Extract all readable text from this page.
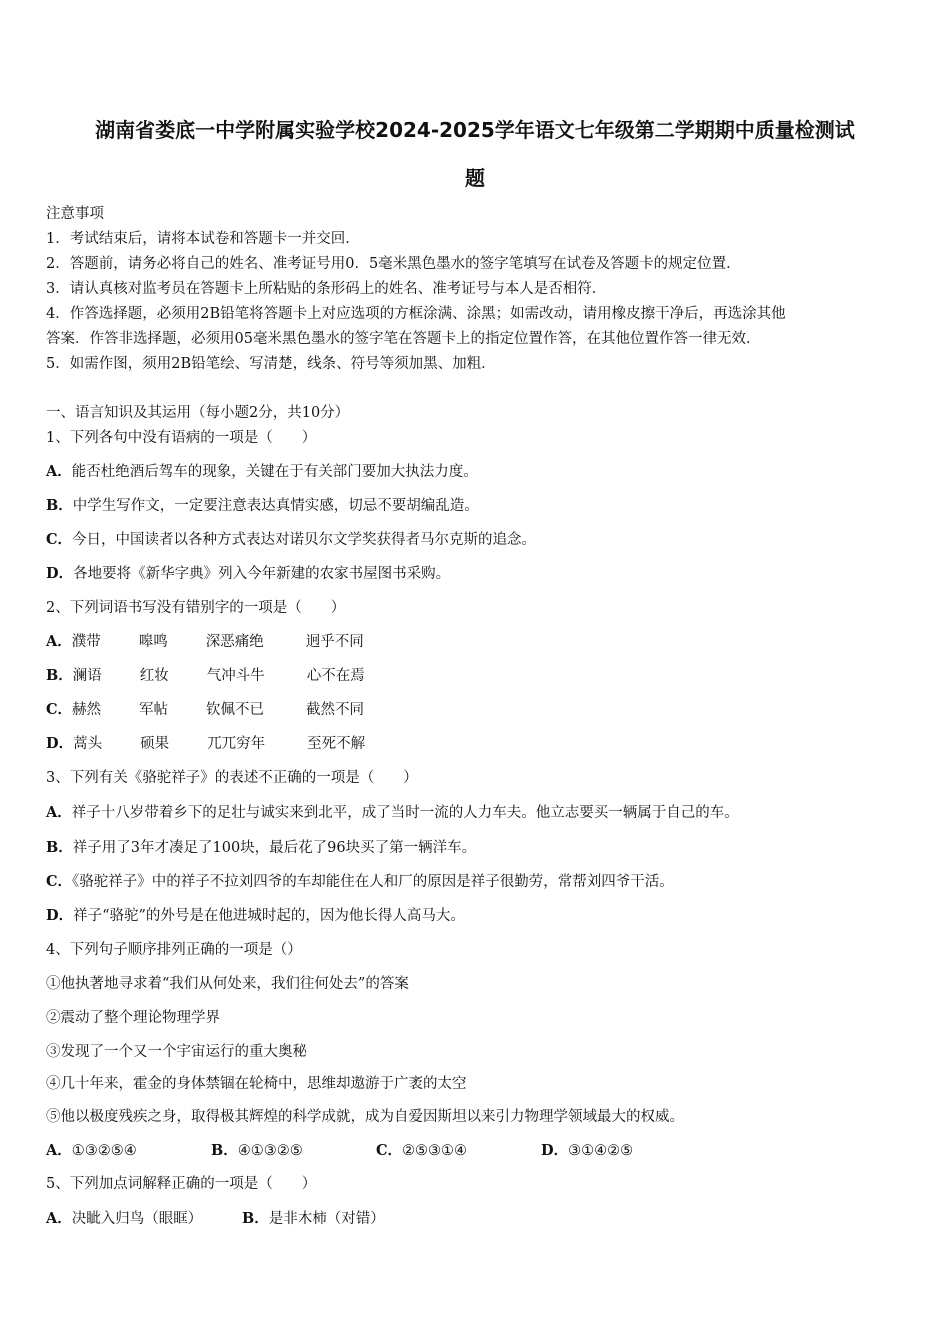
湖南省娄底一中学附属实验学校2024-2025学年语文七年级第二学期期中质量检测试
题
注意事项
1．考试结束后，请将本试卷和答题卡一并交回．
2．答题前，请务必将自己的姓名、准考证号用0．5毫米黑色墨水的签字笔填写在试卷及答题卡的规定位置．
3．请认真核对监考员在答题卡上所粘贴的条形码上的姓名、准考证号与本人是否相符．
4．作答选择题，必须用2B铅笔将答题卡上对应选项的方框涂满、涂黑；如需改动，请用橡皮擦干净后，再选涂其他
答案．作答非选择题，必须用05毫米黑色墨水的签字笔在答题卡上的指定位置作答，在其他位置作答一律无效．
5．如需作图，须用2B铅笔绘、写清楚，线条、符号等须加黑、加粗．
一、语言知识及其运用（每小题2分，共10分）
1、下列各句中没有语病的一项是（　　）
A．能否杜绝酒后驾车的现象，关键在于有关部门要加大执法力度。
B．中学生写作文，一定要注意表达真情实感，切忌不要胡编乱造。
C．今日，中国读者以各种方式表达对诺贝尔文学奖获得者马尔克斯的追念。
D．各地要将《新华字典》列入今年新建的农家书屋图书采购。
2、下列词语书写没有错别字的一项是（　　）
A．濮带	嗥鸣	深恶痛绝	迥乎不同
B．澜语	红妆	气冲斗牛	心不在焉
C．赫然	军帖	钦佩不已	截然不同
D．蒿头	硕果	兀兀穷年	至死不解
3、下列有关《骆驼祥子》的表述不正确的一项是（　　）
A．祥子十八岁带着乡下的足壮与诚实来到北平，成了当时一流的人力车夫。他立志要买一辆属于自己的车。
B．祥子用了3年才凑足了100块，最后花了96块买了第一辆洋车。
C．《骆驼祥子》中的祥子不拉刘四爷的车却能住在人和厂的原因是祥子很勤劳，常帮刘四爷干活。
D．祥子“骆驼”的外号是在他进城时起的，因为他长得人高马大。
4、下列句子顺序排列正确的一项是（）
①他执著地寻求着“我们从何处来，我们往何处去”的答案
②震动了整个理论物理学界
③发现了一个又一个宇宙运行的重大奥秘
④几十年来，霍金的身体禁锢在轮椅中，思维却遨游于广袤的太空
⑤他以极度残疾之身，取得极其辉煌的科学成就，成为自爱因斯坦以来引力物理学领域最大的权威。
A．①③②⑤④	B．④①③②⑤	C．②⑤③①④	D．③①④②⑤
5、下列加点词解释正确的一项是（　　）
A．决眦入归鸟（眼眶）	B．是非木柿（对错）
